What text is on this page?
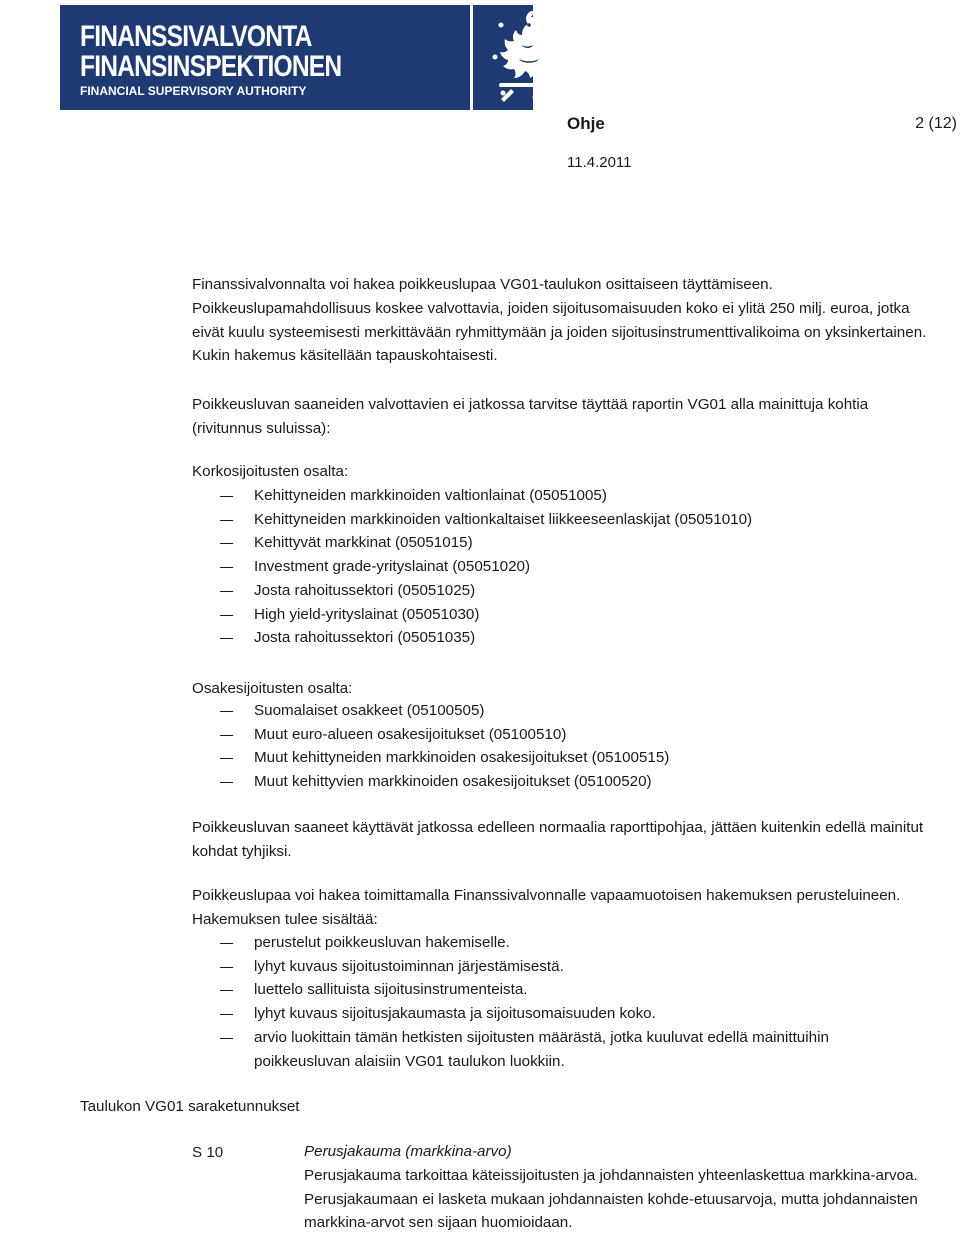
FINANSSIVALVONTA
FINANSINSPEKTIONEN
FINANCIAL SUPERVISORY AUTHORITY
Ohje	2 (12)
11.4.2011

Finanssivalvonnalta voi hakea poikkeuslupaa VG01-taulukon osittaiseen täyttämiseen. Poikkeuslupamahdollisuus koskee valvottavia, joiden sijoitusomaisuuden koko ei ylitä 250 milj. euroa, jotka eivät kuulu systeemisesti merkittävään ryhmittymään ja joiden sijoitusinstrumenttivalikoima on yksinkertainen. Kukin hakemus käsitellään tapauskohtaisesti.

Poikkeusluvan saaneiden valvottavien ei jatkossa tarvitse täyttää raportin VG01 alla mainittuja kohtia (rivitunnus suluissa):

Korkosijoitusten osalta:
Kehittyneiden markkinoiden valtionlainat (05051005)
Kehittyneiden markkinoiden valtionkaltaiset liikkeeseenlaskijat (05051010)
Kehittyvät markkinat (05051015)
Investment grade-yrityslainat (05051020)
Josta rahoitussektori (05051025)
High yield-yrityslainat (05051030)
Josta rahoitussektori (05051035)
Osakesijoitusten osalta:
Suomalaiset osakkeet (05100505)
Muut euro-alueen osakesijoitukset (05100510)
Muut kehittyneiden markkinoiden osakesijoitukset (05100515)
Muut kehittyvien markkinoiden osakesijoitukset (05100520)

Poikkeusluvan saaneet käyttävät jatkossa edelleen normaalia raporttipohjaa, jättäen kuitenkin edellä mainitut kohdat tyhjiksi.

Poikkeuslupaa voi hakea toimittamalla Finanssivalvonnalle vapaamuotoisen hakemuksen perusteluineen. Hakemuksen tulee sisältää:

perustelut poikkeusluvan hakemiselle.
lyhyt kuvaus sijoitustoiminnan järjestämisestä.
luettelo sallituista sijoitusinstrumenteista.
lyhyt kuvaus sijoitusjakaumasta ja sijoitusomaisuuden koko.
arvio luokittain tämän hetkisten sijoitusten määrästä, jotka kuuluvat edellä mainittuihin poikkeusluvan alaisiin VG01 taulukon luokkiin.
Taulukon VG01 saraketunnukset
S 10	Perusjakauma (markkina-arvo)

Perusjakauma tarkoittaa käteissijoitusten ja johdannaisten yhteenlaskettua markkina-arvoa. Perusjakaumaan ei lasketa mukaan johdannaisten kohde-etuusarvoja, mutta johdannaisten markkina-arvot sen sijaan huomioidaan.
